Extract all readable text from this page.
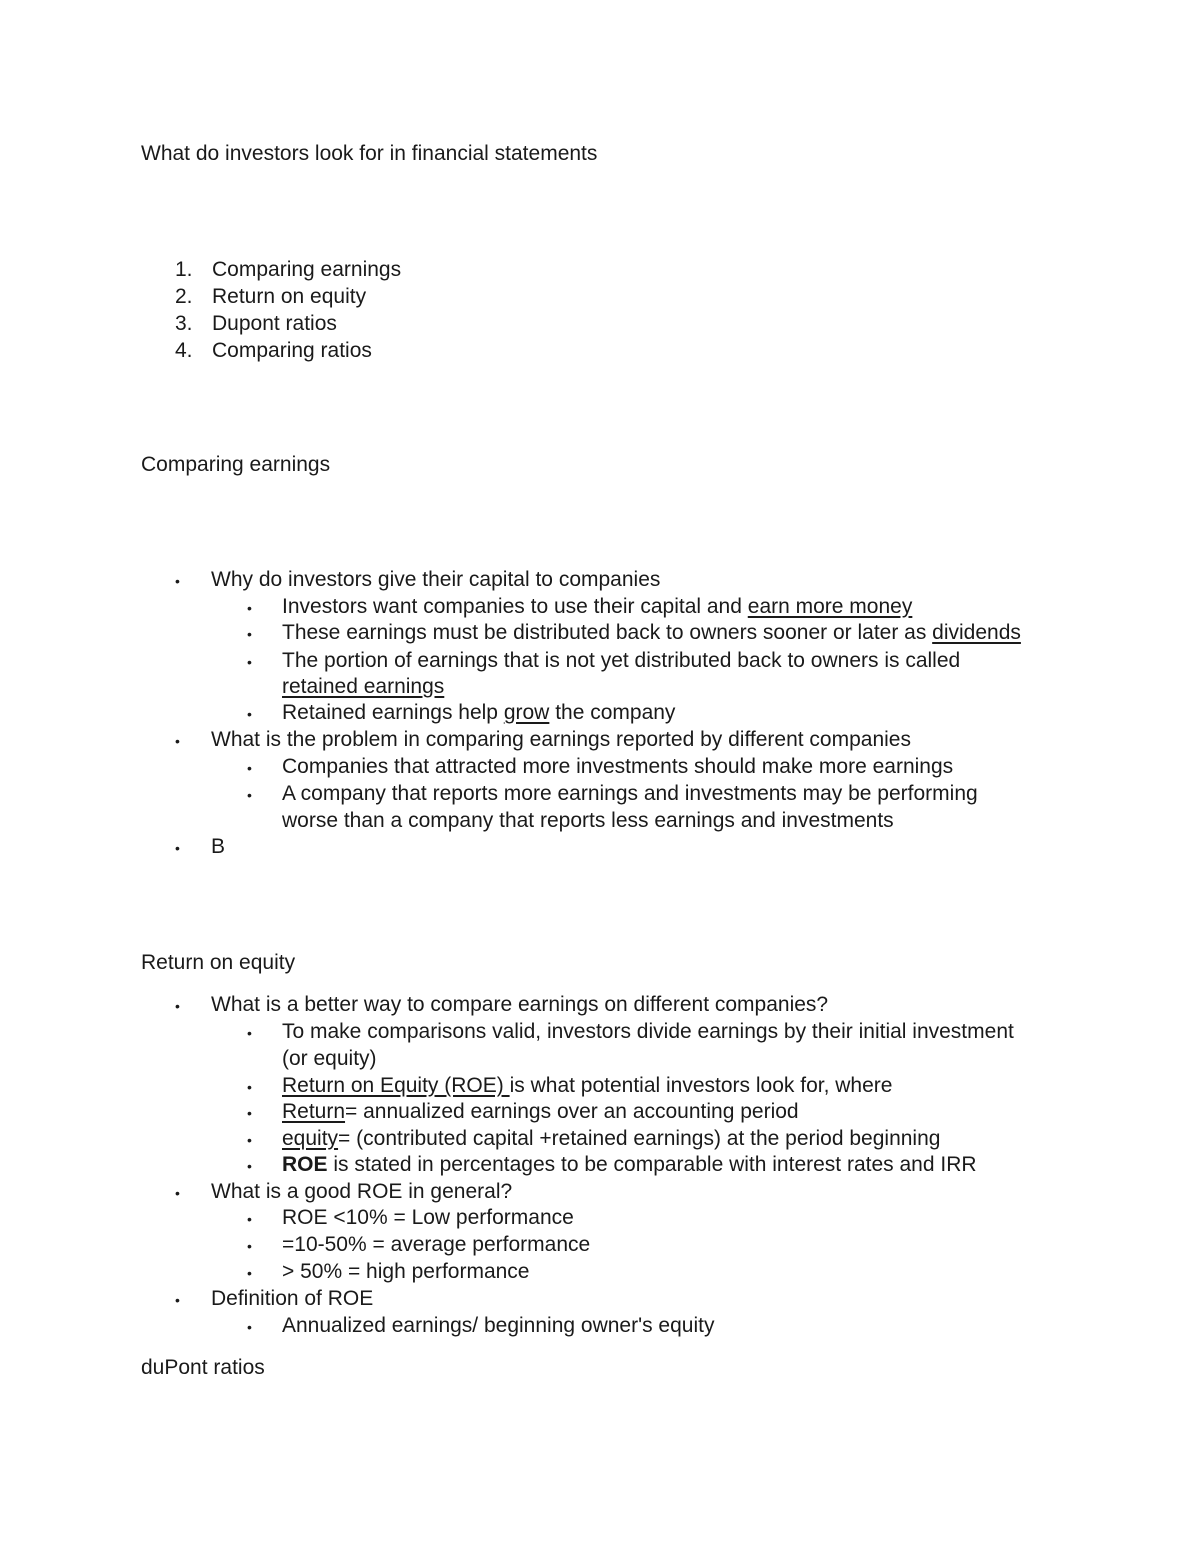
What do investors look for in financial statements
1. Comparing earnings
2. Return on equity
3. Dupont ratios
4. Comparing ratios
Comparing earnings
• Why do investors give their capital to companies
• Investors want companies to use their capital and earn more money
• These earnings must be distributed back to owners sooner or later as dividends
• The portion of earnings that is not yet distributed back to owners is called
retained earnings
• Retained earnings help grow the company
• What is the problem in comparing earnings reported by different companies
• Companies that attracted more investments should make more earnings
• A company that reports more earnings and investments may be performing
worse than a company that reports less earnings and investments
• B
Return on equity
• What is a better way to compare earnings on different companies?
• To make comparisons valid, investors divide earnings by their initial investment
(or equity)
• Return on Equity (ROE) is what potential investors look for, where
• Return= annualized earnings over an accounting period
• equity= (contributed capital +retained earnings) at the period beginning
• ROE is stated in percentages to be comparable with interest rates and IRR
• What is a good ROE in general?
• ROE <10% = Low performance
• =10-50% = average performance
• > 50% = high performance
• Definition of ROE
• Annualized earnings/ beginning owner's equity
duPont ratios
